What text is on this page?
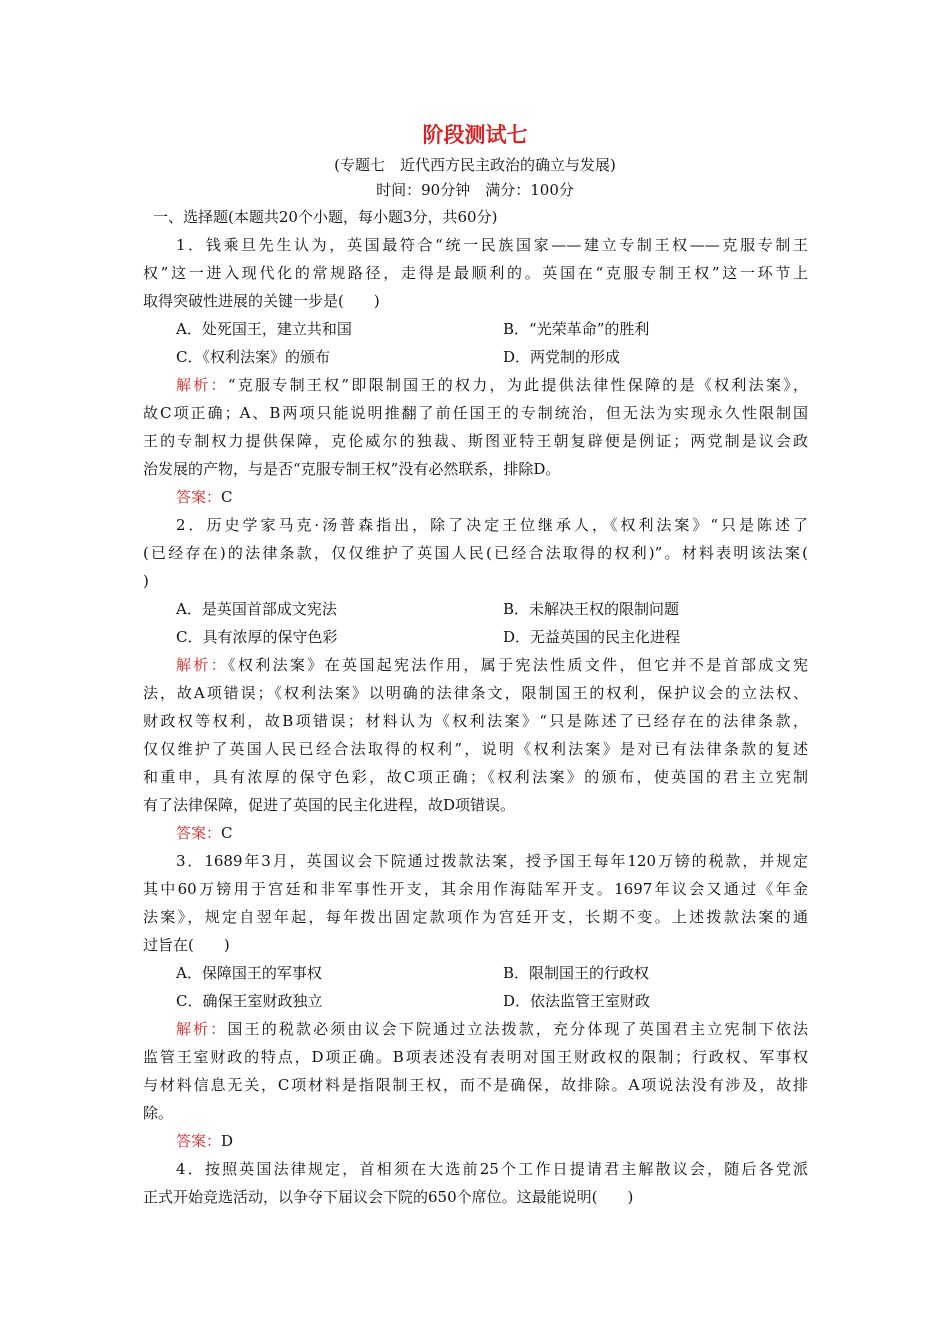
阶段测试七
(专题七　近代西方民主政治的确立与发展)
时间：90分钟　满分：100分
一、选择题(本题共20个小题，每小题3分，共60分)
1．钱乘旦先生认为，英国最符合“统一民族国家——建立专制王权——克服专制王
权”这一进入现代化的常规路径，走得是最顺利的。英国在“克服专制王权”这一环节上
取得突破性进展的关键一步是(　　)
A．处死国王，建立共和国	B．“光荣革命”的胜利
C．《权利法案》的颁布	D．两党制的形成
解析：“克服专制王权”即限制国王的权力，为此提供法律性保障的是《权利法案》，
故C项正确；A、B两项只能说明推翻了前任国王的专制统治，但无法为实现永久性限制国
王的专制权力提供保障，克伦威尔的独裁、斯图亚特王朝复辟便是例证；两党制是议会政
治发展的产物，与是否“克服专制王权”没有必然联系，排除D。
答案：C
2．历史学家马克·汤普森指出，除了决定王位继承人，《权利法案》“只是陈述了
(已经存在)的法律条款，仅仅维护了英国人民(已经合法取得的权利)”。材料表明该法案(
)
A．是英国首部成文宪法	B．未解决王权的限制问题
C．具有浓厚的保守色彩	D．无益英国的民主化进程
解析：《权利法案》在英国起宪法作用，属于宪法性质文件，但它并不是首部成文宪
法，故A项错误；《权利法案》以明确的法律条文，限制国王的权利，保护议会的立法权、
财政权等权利，故B项错误；材料认为《权利法案》“只是陈述了已经存在的法律条款，
仅仅维护了英国人民已经合法取得的权利”，说明《权利法案》是对已有法律条款的复述
和重申，具有浓厚的保守色彩，故C项正确；《权利法案》的颁布，使英国的君主立宪制
有了法律保障，促进了英国的民主化进程，故D项错误。
答案：C
3．1689年3月，英国议会下院通过拨款法案，授予国王每年120万镑的税款，并规定
其中60万镑用于宫廷和非军事性开支，其余用作海陆军开支。1697年议会又通过《年金
法案》，规定自翌年起，每年拨出固定款项作为宫廷开支，长期不变。上述拨款法案的通
过旨在(　　)
A．保障国王的军事权	B．限制国王的行政权
C．确保王室财政独立	D．依法监管王室财政
解析：国王的税款必须由议会下院通过立法拨款，充分体现了英国君主立宪制下依法
监管王室财政的特点，D项正确。B项表述没有表明对国王财政权的限制；行政权、军事权
与材料信息无关，C项材料是指限制王权，而不是确保，故排除。A项说法没有涉及，故排
除。
答案：D
4．按照英国法律规定，首相须在大选前25个工作日提请君主解散议会，随后各党派
正式开始竞选活动，以争夺下届议会下院的650个席位。这最能说明(　　)
